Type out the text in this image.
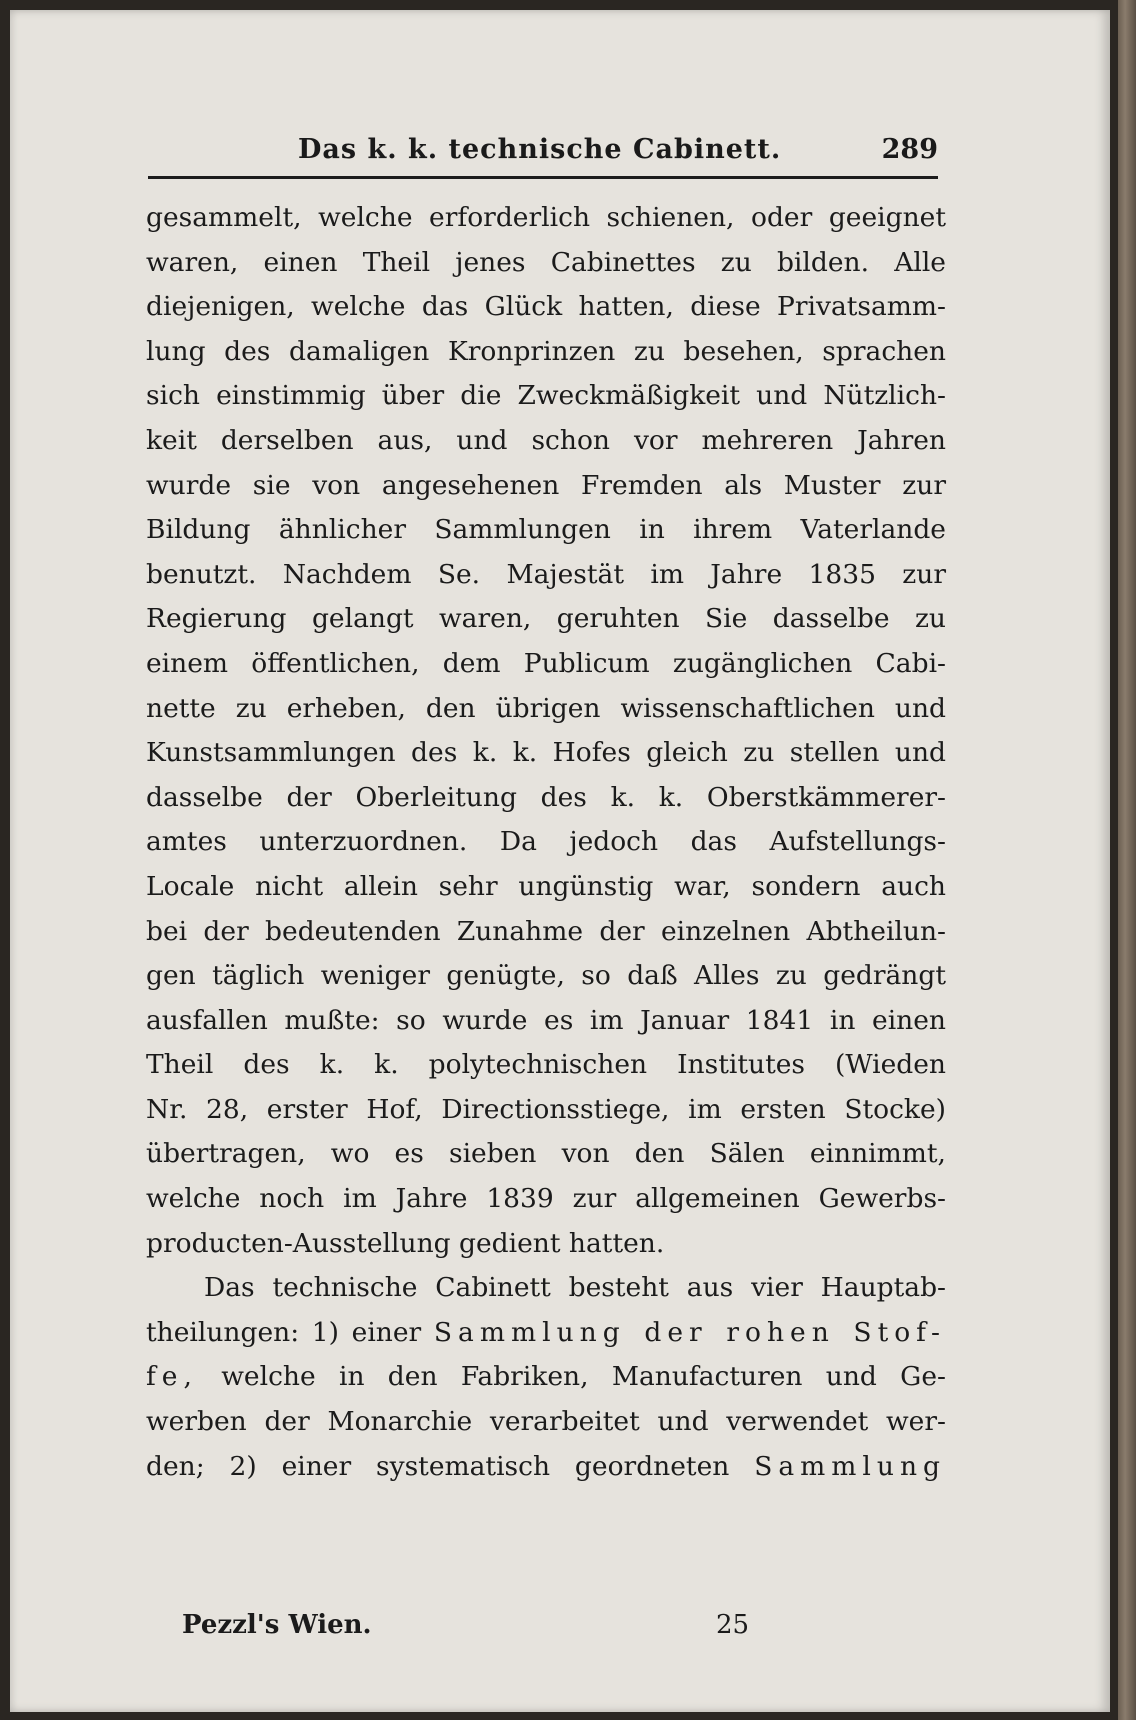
Das k. k. technische Cabinett.	289
gesammelt, welche erforderlich schienen, oder geeignet
waren, einen Theil jenes Cabinettes zu bilden. Alle
diejenigen, welche das Glück hatten, diese Privatsamm-
lung des damaligen Kronprinzen zu besehen, sprachen
sich einstimmig über die Zweckmäßigkeit und Nützlich-
keit derselben aus, und schon vor mehreren Jahren
wurde sie von angesehenen Fremden als Muster zur
Bildung ähnlicher Sammlungen in ihrem Vaterlande
benutzt. Nachdem Se. Majestät im Jahre 1835 zur
Regierung gelangt waren, geruhten Sie dasselbe zu
einem öffentlichen, dem Publicum zugänglichen Cabi-
nette zu erheben, den übrigen wissenschaftlichen und
Kunstsammlungen des k. k. Hofes gleich zu stellen und
dasselbe der Oberleitung des k. k. Oberstkämmerer-
amtes unterzuordnen. Da jedoch das Aufstellungs-
Locale nicht allein sehr ungünstig war, sondern auch
bei der bedeutenden Zunahme der einzelnen Abtheilun-
gen täglich weniger genügte, so daß Alles zu gedrängt
ausfallen mußte: so wurde es im Januar 1841 in einen
Theil des k. k. polytechnischen Institutes (Wieden
Nr. 28, erster Hof, Directionsstiege, im ersten Stocke)
übertragen, wo es sieben von den Sälen einnimmt,
welche noch im Jahre 1839 zur allgemeinen Gewerbs-
producten-Ausstellung gedient hatten.
Das technische Cabinett besteht aus vier Hauptab-
theilungen: 1) einer Sammlung der rohen Stof-
fe, welche in den Fabriken, Manufacturen und Ge-
werben der Monarchie verarbeitet und verwendet wer-
den; 2) einer systematisch geordneten Sammlung
Pezzl's Wien.	25
